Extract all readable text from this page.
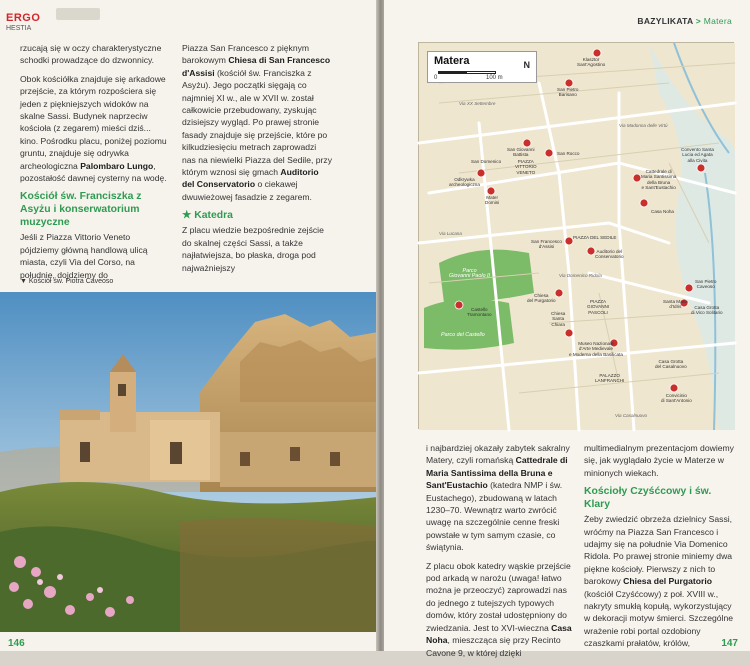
ERGO
HESTIA

rzucają się w oczy charakterystyczne schodki prowadzące do dzwonnicy.

Obok kościółka znajduje się arkadowe przejście, za którym rozpościera się jeden z piękniejszych widoków na skalne Sassi. Budynek naprzeciw kościoła (z zegarem) mieści dziś... kino. Pośrodku placu, poniżej poziomu gruntu, znajduje się odrywka archeologiczna Palombaro Lungo, pozostałość dawnej cysterny na wodę.

Kościół św. Franciszka z Asyżu i konserwatorium muzyczne

Jeśli z Piazza Vittorio Veneto pójdziemy główną handlową ulicą miasta, czyli Via del Corso, na południe, dojdziemy do

Piazza San Francesco z pięknym barokowym Chiesa di San Francesco d'Assisi (kościół św. Franciszka z Asyżu). Jego początki sięgają co najmniej XI w., ale w XVII w. został całkowicie przebudowany, zyskując dzisiejszy wygląd. Po prawej stronie fasady znajduje się przejście, które po kilkudziesięciu metrach zaprowadzi nas na niewielki Piazza del Sedile, przy którym wznosi się gmach Auditorio del Conservatorio o ciekawej dwuwieżowej fasadzie z zegarem.

★ Katedra

Z placu wiedzie bezpośrednie zejście do skalnej części Sassi, a także najłatwiejsza, bo płaska, droga pod najważniejszy

▼ Kościół św. Piotra Caveoso
146
BAZYLIKATA > Matera
Matera	N
0	100 m
Klasztor
Sant'Agostino
San Pietro
Barisano
San Giovanni
Battista	San Rocco
PIAZZA
VITTORIO
VENETO
San Domenico
Odkrywka
archeologiczna
Mater
Domini
Convento Santa
Lucia ed Agata
alla Civita
Cattedrale di
Maria Santissima
della Bruna
e Sant'Eustachio
Casa Noha
San Francesco
d'Assisi
PIAZZA DEL SEDILE
Auditorio del
Conservatorio
Parco
Giovanni Paolo II
Castello
Tramontano
Parco del Castello
Chiesa
del Purgatorio
Chiesa
Santa
Chiara
San Pietro
Caveoso
Santa Maria
d'Idris	Casa Grotta
di Vico Solitario
Museo Nazionale
d'Arte Medievale
e Moderna della Basilicata
Casa Grotta
del Casalnuovo
Convicinio
di Sant'Antonio
PIAZZA
GIOVANNI
PASCOLI
PALAZZO
LANFRANCHI
Via Domenico Ridola
Via Lucana
Via XX Settembre
Via Madonna delle Virtù
Via Casalnuovo

i najbardziej okazały zabytek sakralny Matery, czyli romańską Cattedrale di Maria Santissima della Bruna e Sant'Eustachio (katedra NMP i św. Eustachego), zbudowaną w latach 1230–70. Wewnątrz warto zwrócić uwagę na szczególnie cenne freski powstałe w tym samym czasie, co świątynia.

Z placu obok katedry wąskie przejście pod arkadą w narożu (uwaga! łatwo można je przeoczyć) zaprowadzi nas do jednego z tutejszych typowych domów, który został udostępniony do zwiedzania. Jest to XVI-wieczna Casa Noha, mieszcząca się przy Recinto Cavone 9, w której dzięki

multimedialnym prezentacjom dowiemy się, jak wyglądało życie w Materze w minionych wiekach.

Kościoły Czyśćcowy i św. Klary

Żeby zwiedzić obrzeża dzielnicy Sassi, wróćmy na Piazza San Francesco i udajmy się na południe Via Domenico Ridola. Po prawej stronie miniemy dwa piękne kościoły. Pierwszy z nich to barokowy Chiesa del Purgatorio (kościół Czyśćcowy) z poł. XVIII w., nakryty smukłą kopułą, wykorzystujący w dekoracji motyw śmierci. Szczególne wrażenie robi portal ozdobiony czaszkami prałatów, królów,	147
